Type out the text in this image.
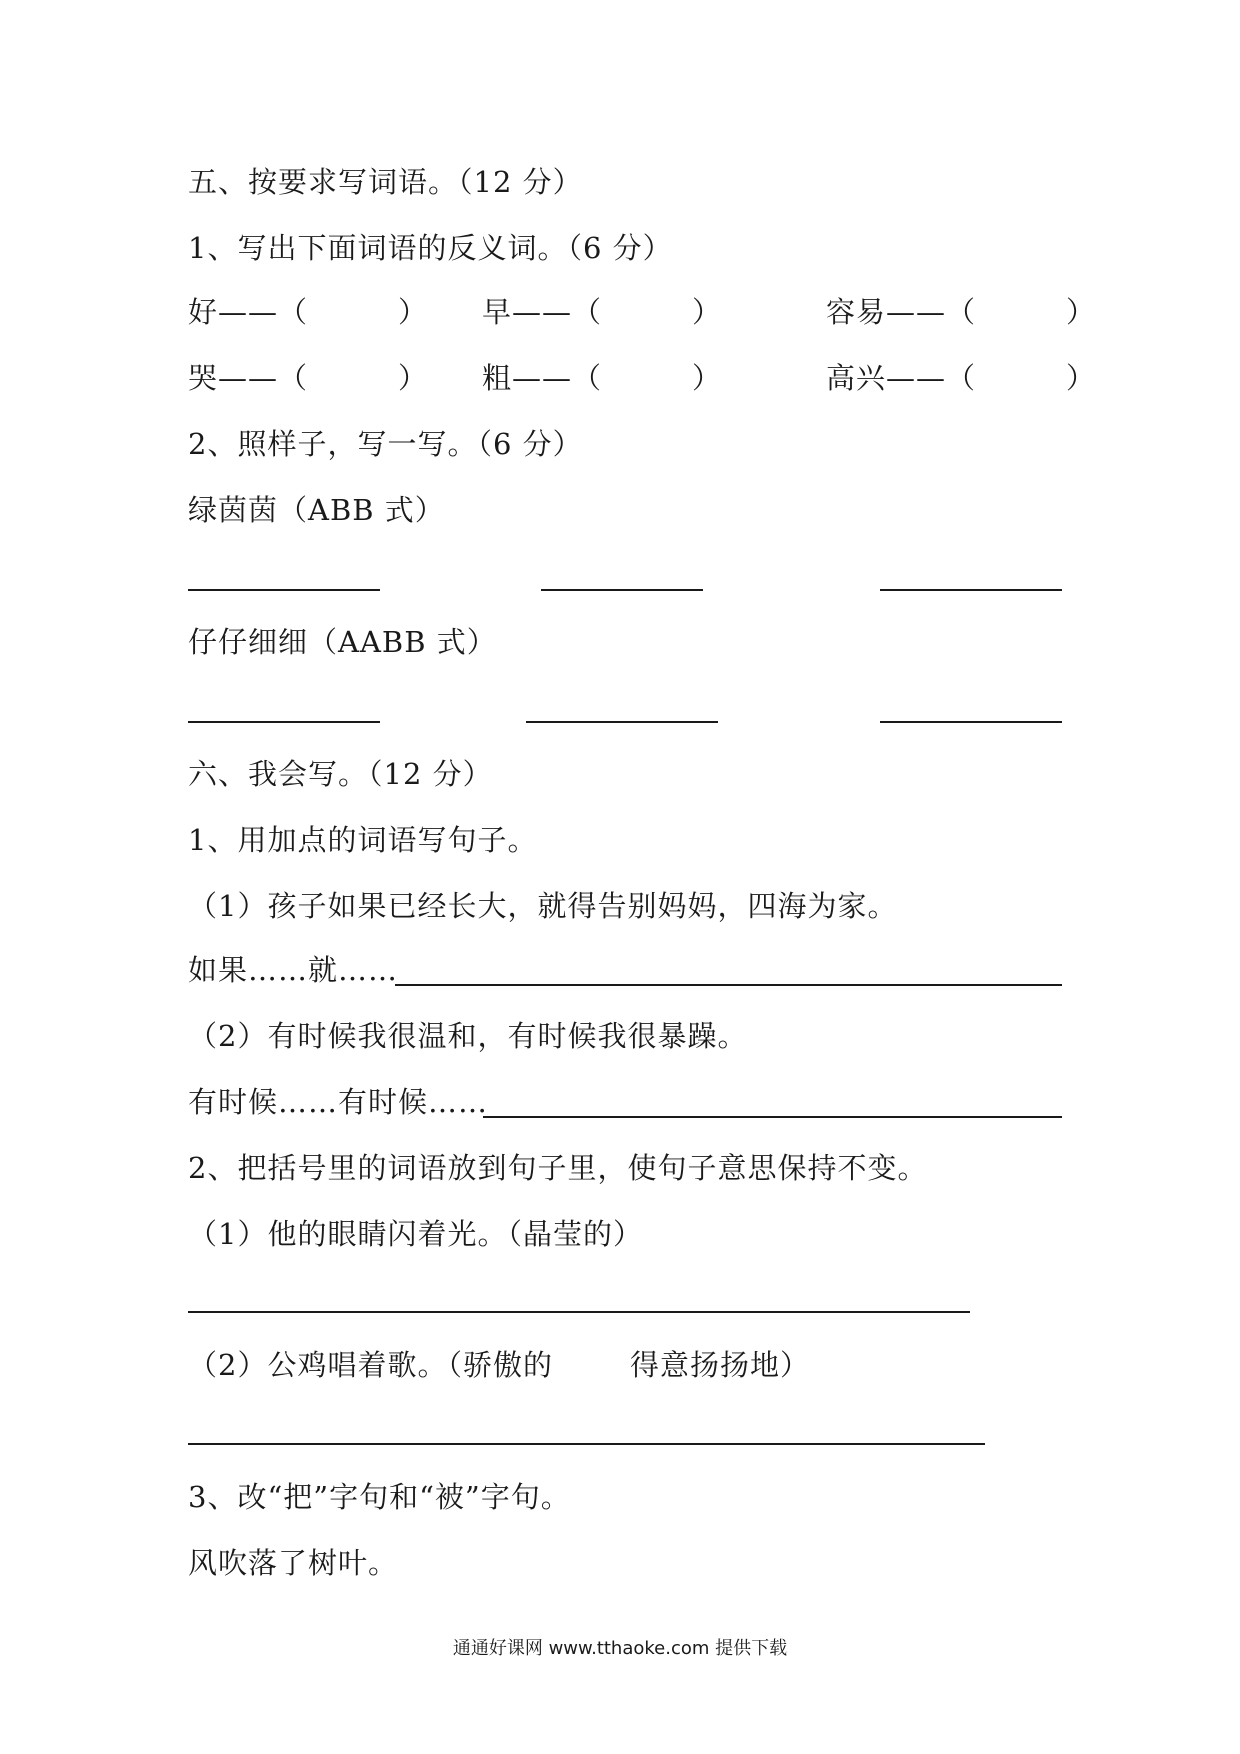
五、按要求写词语。（12 分）
1、写出下面词语的反义词。（6 分）
好——（　　　） 早——（　　　）	容易——（　　　）
哭——（　　　） 粗——（　　　）	高兴——（　　　）
2、照样子，写一写。（6 分）
绿茵茵（ABB 式）
仔仔细细（AABB 式）
六、我会写。（12 分）
1、用加点的词语写句子。
（1）孩子如果已经长大，就得告别妈妈，四海为家。
如果……就……
（2）有时候我很温和，有时候我很暴躁。
有时候……有时候……
2、把括号里的词语放到句子里，使句子意思保持不变。
（1）他的眼睛闪着光。（晶莹的）
（2）公鸡唱着歌。（骄傲的	得意扬扬地）
3、改“把”字句和“被”字句。
风吹落了树叶。
通通好课网 www.tthaoke.com 提供下载
